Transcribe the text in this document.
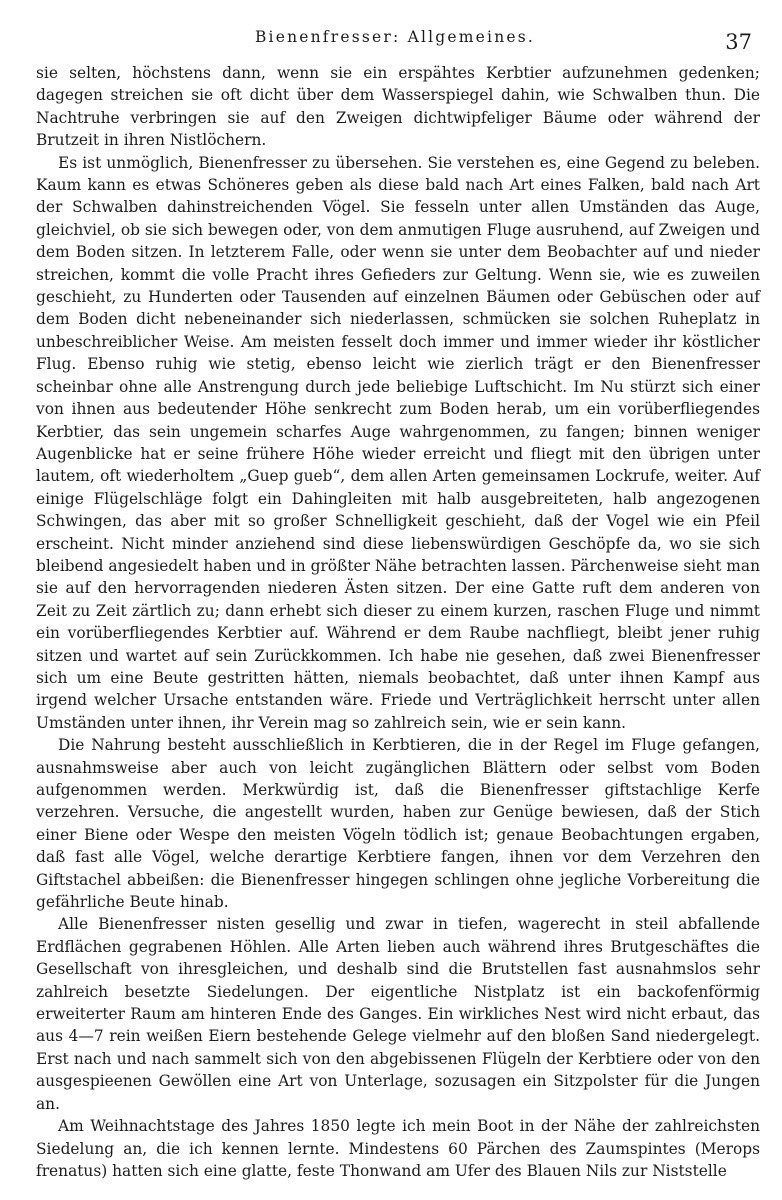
Bienenfresser: Allgemeines.	37

sie selten, höchstens dann, wenn sie ein erspähtes Kerbtier aufzunehmen gedenken; dagegen streichen sie oft dicht über dem Wasserspiegel dahin, wie Schwalben thun. Die Nachtruhe verbringen sie auf den Zweigen dichtwipfeliger Bäume oder während der Brutzeit in ihren Nistlöchern.

Es ist unmöglich, Bienenfresser zu übersehen. Sie verstehen es, eine Gegend zu beleben. Kaum kann es etwas Schöneres geben als diese bald nach Art eines Falken, bald nach Art der Schwalben dahinstreichenden Vögel. Sie fesseln unter allen Umständen das Auge, gleichviel, ob sie sich bewegen oder, von dem anmutigen Fluge ausruhend, auf Zweigen und dem Boden sitzen. In letzterem Falle, oder wenn sie unter dem Beobachter auf und nieder streichen, kommt die volle Pracht ihres Gefieders zur Geltung. Wenn sie, wie es zuweilen geschieht, zu Hunderten oder Tausenden auf einzelnen Bäumen oder Gebüschen oder auf dem Boden dicht nebeneinander sich niederlassen, schmücken sie solchen Ruheplatz in unbeschreiblicher Weise. Am meisten fesselt doch immer und immer wieder ihr köstlicher Flug. Ebenso ruhig wie stetig, ebenso leicht wie zierlich trägt er den Bienenfresser scheinbar ohne alle Anstrengung durch jede beliebige Luftschicht. Im Nu stürzt sich einer von ihnen aus bedeutender Höhe senkrecht zum Boden herab, um ein vorüberfliegendes Kerbtier, das sein ungemein scharfes Auge wahrgenommen, zu fangen; binnen weniger Augenblicke hat er seine frühere Höhe wieder erreicht und fliegt mit den übrigen unter lautem, oft wiederholtem „Guep gueb“, dem allen Arten gemeinsamen Lockrufe, weiter. Auf einige Flügelschläge folgt ein Dahingleiten mit halb ausgebreiteten, halb angezogenen Schwingen, das aber mit so großer Schnelligkeit geschieht, daß der Vogel wie ein Pfeil erscheint. Nicht minder anziehend sind diese liebenswürdigen Geschöpfe da, wo sie sich bleibend angesiedelt haben und in größter Nähe betrachten lassen. Pärchenweise sieht man sie auf den hervorragenden niederen Ästen sitzen. Der eine Gatte ruft dem anderen von Zeit zu Zeit zärtlich zu; dann erhebt sich dieser zu einem kurzen, raschen Fluge und nimmt ein vorüberfliegendes Kerbtier auf. Während er dem Raube nachfliegt, bleibt jener ruhig sitzen und wartet auf sein Zurückkommen. Ich habe nie gesehen, daß zwei Bienenfresser sich um eine Beute gestritten hätten, niemals beobachtet, daß unter ihnen Kampf aus irgend welcher Ursache entstanden wäre. Friede und Verträglichkeit herrscht unter allen Umständen unter ihnen, ihr Verein mag so zahlreich sein, wie er sein kann.

Die Nahrung besteht ausschließlich in Kerbtieren, die in der Regel im Fluge gefangen, ausnahmsweise aber auch von leicht zugänglichen Blättern oder selbst vom Boden aufgenommen werden. Merkwürdig ist, daß die Bienenfresser giftstachlige Kerfe verzehren. Versuche, die angestellt wurden, haben zur Genüge bewiesen, daß der Stich einer Biene oder Wespe den meisten Vögeln tödlich ist; genaue Beobachtungen ergaben, daß fast alle Vögel, welche derartige Kerbtiere fangen, ihnen vor dem Verzehren den Giftstachel abbeißen: die Bienenfresser hingegen schlingen ohne jegliche Vorbereitung die gefährliche Beute hinab.

Alle Bienenfresser nisten gesellig und zwar in tiefen, wagerecht in steil abfallende Erdflächen gegrabenen Höhlen. Alle Arten lieben auch während ihres Brutgeschäftes die Gesellschaft von ihresgleichen, und deshalb sind die Brutstellen fast ausnahmslos sehr zahlreich besetzte Siedelungen. Der eigentliche Nistplatz ist ein backofenförmig erweiterter Raum am hinteren Ende des Ganges. Ein wirkliches Nest wird nicht erbaut, das aus 4—7 rein weißen Eiern bestehende Gelege vielmehr auf den bloßen Sand niedergelegt. Erst nach und nach sammelt sich von den abgebissenen Flügeln der Kerbtiere oder von den ausgespieenen Gewöllen eine Art von Unterlage, sozusagen ein Sitzpolster für die Jungen an.

Am Weihnachtstage des Jahres 1850 legte ich mein Boot in der Nähe der zahlreichsten Siedelung an, die ich kennen lernte. Mindestens 60 Pärchen des Zaumspintes (Merops frenatus) hatten sich eine glatte, feste Thonwand am Ufer des Blauen Nils zur Niststelle
